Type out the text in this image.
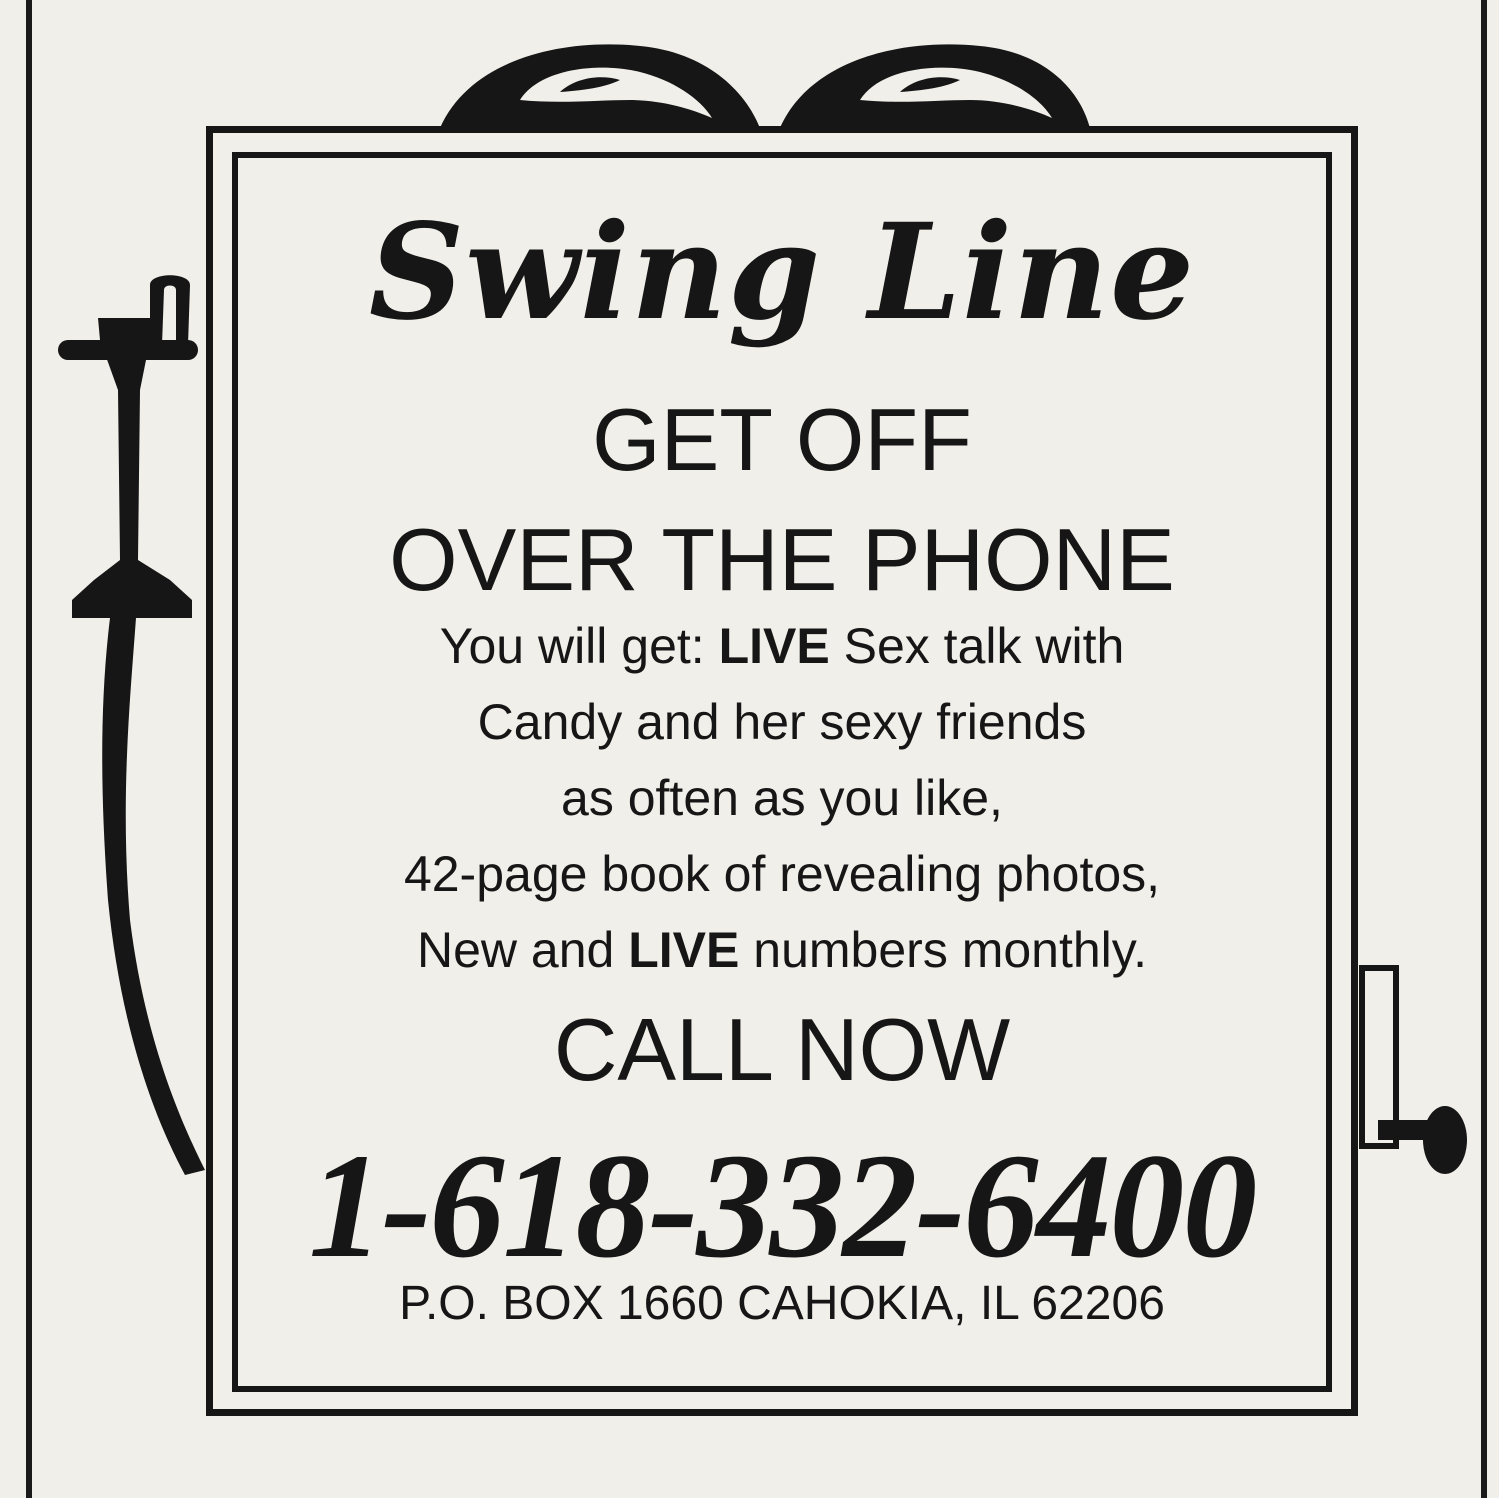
Swing Line
GET OFF
OVER THE PHONE
You will get: LIVE Sex talk with
Candy and her sexy friends
as often as you like,
42-page book of revealing photos,
New and LIVE numbers monthly.
CALL NOW
1-618-332-6400
P.O. BOX 1660 CAHOKIA, IL 62206
